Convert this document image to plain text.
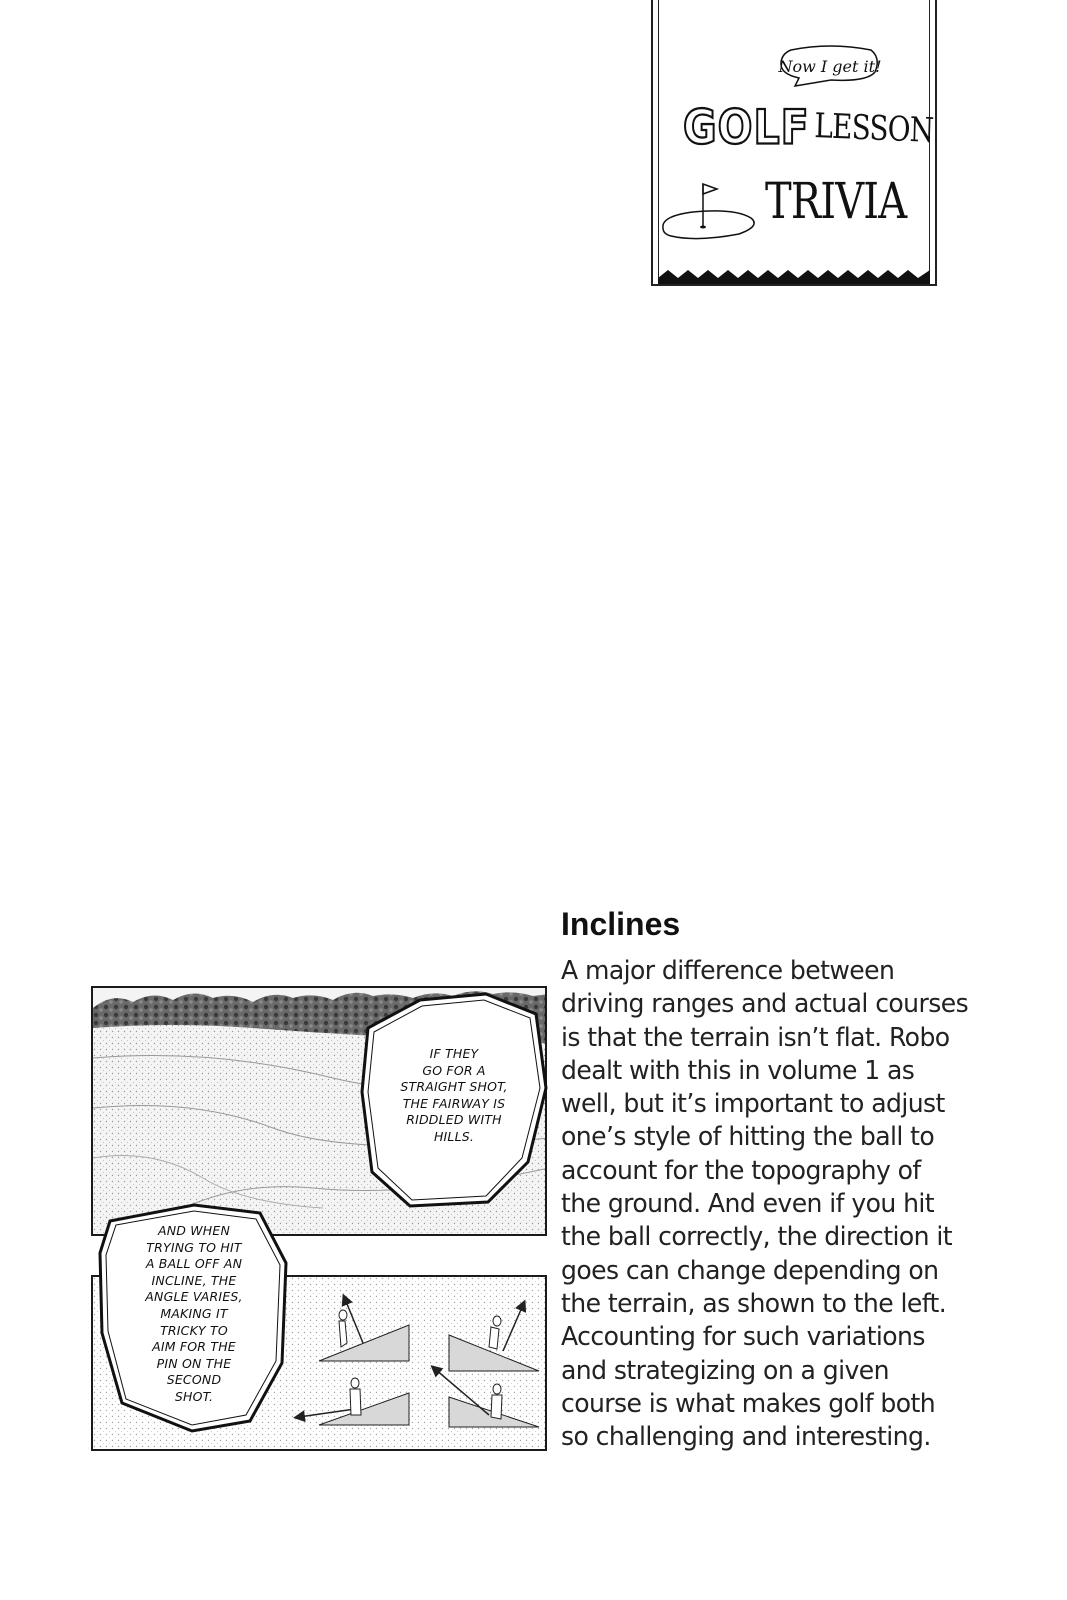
Now I get it!
GOLF LESSON
TRIVIA
Inclines
A major difference between
driving ranges and actual courses
is that the terrain isn’t flat. Robo
dealt with this in volume 1 as
well, but it’s important to adjust
one’s style of hitting the ball to
account for the topography of
the ground. And even if you hit
the ball correctly, the direction it
goes can change depending on
the terrain, as shown to the left.
Accounting for such variations
and strategizing on a given
course is what makes golf both
so challenging and interesting.
IF THEY
GO FOR A
STRAIGHT SHOT,
THE FAIRWAY IS
RIDDLED WITH
HILLS.
AND WHEN
TRYING TO HIT
A BALL OFF AN
INCLINE, THE
ANGLE VARIES,
MAKING IT
TRICKY TO
AIM FOR THE
PIN ON THE
SECOND
SHOT.
